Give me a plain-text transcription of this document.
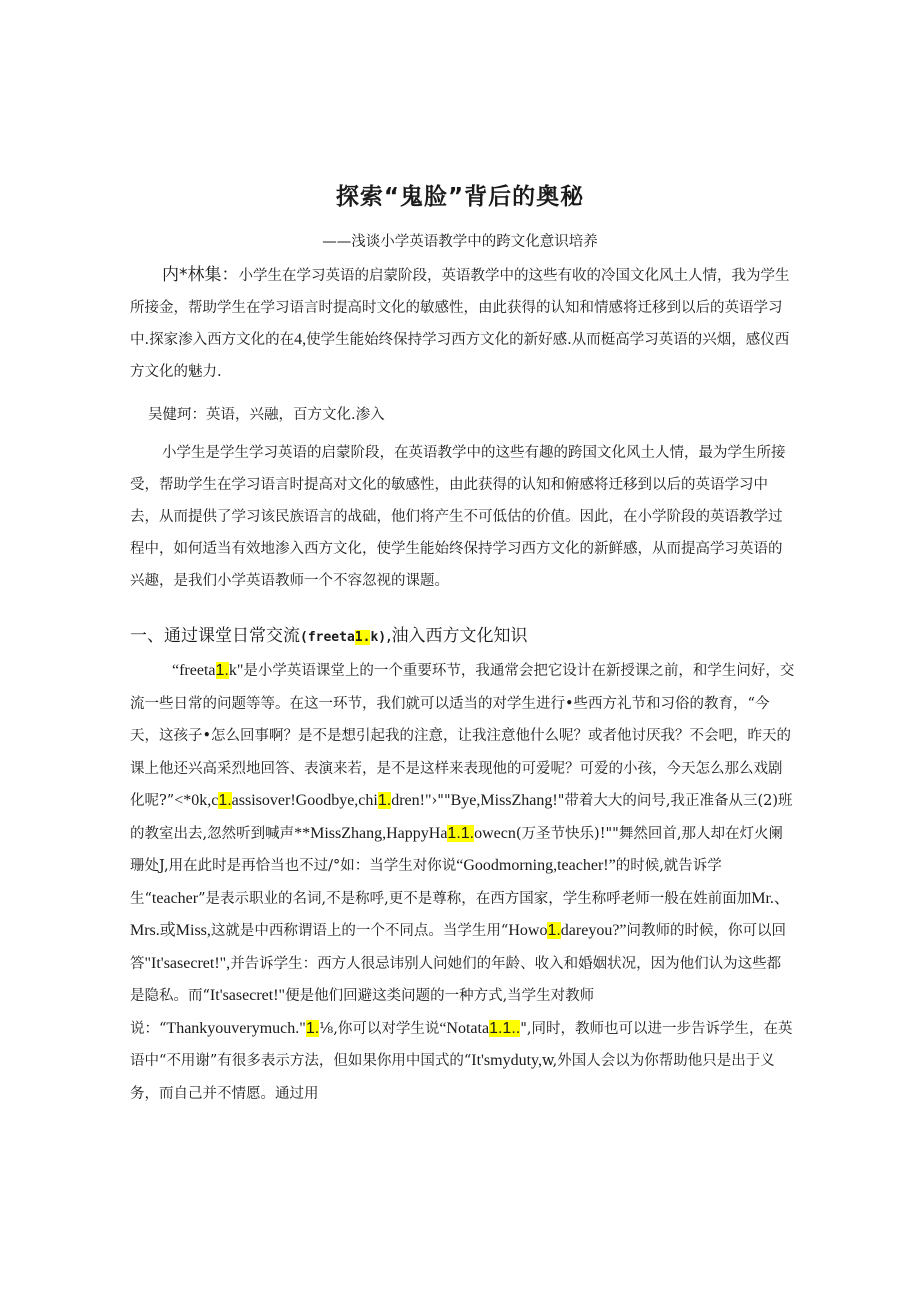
探索“鬼脸”背后的奥秘

——浅谈小学英语教学中的跨文化意识培养

内*林集：小学生在学习英语的启蒙阶段，英语教学中的这些有收的冷国文化风土人情，我为学生所接金，帮助学生在学习语言时提高时文化的敏感性，由此获得的认知和情感将迁移到以后的英语学习中.探家渗入西方文化的在4,使学生能始终保持学习西方文化的新好感.从而梃高学习英语的兴烟，感仪西方文化的魅力.

吴健珂：英语，兴融，百方文化.渗入

小学生是学生学习英语的启蒙阶段，在英语教学中的这些有趣的跨国文化风土人情，最为学生所接受，帮助学生在学习语言时提高对文化的敏感性，由此获得的认知和俯感将迁移到以后的英语学习中去，从而提供了学习该民族语言的战础，他们将产生不可低估的价值。因此，在小学阶段的英语教学过程中，如何适当有效地渗入西方文化，使学生能始终保持学习西方文化的新鲜感，从而提高学习英语的兴趣，是我们小学英语教师一个不容忽视的课题。

一、通过课堂日常交流(freeta1.k),油入西方文化知识

“freeta1.k"是小学英语课堂上的一个重要环节，我通常会把它设计在新授课之前，和学生问好，交流一些日常的问题等等。在这一环节，我们就可以适当的对学生进行•些西方礼节和习俗的教育，“今天，这孩子•怎么回事啊？是不是想引起我的注意，让我注意他什么呢？或者他讨厌我？不会吧，昨天的课上他还兴高采烈地回答、表演来若，是不是这样来表现他的可爱呢？可爱的小孩，今天怎么那么戏剧化呢?”<*0k,c1.assisover!Goodbye,chi1.dren!"›""Bye,MissZhang!"带着大大的问号,我正准备从三(2)班的教室出去,忽然听到喊声**MissZhang,HappyHa1.1.owecn(万圣节快乐)!""舞然回首,那人却在灯火阑珊处J,用在此时是再恰当也不过/°如：当学生对你说“Goodmorning,teacher!”的时候,就告诉学生“teacher”是表示职业的名词,不是称呼,更不是尊称，在西方国家，学生称呼老师一般在姓前面加Mr.、Mrs.或Miss,这就是中西称谓语上的一个不同点。当学生用“Howo1.dareyou?”问教师的时候，你可以回答"It'sasecret!",并告诉学生：西方人很忌讳别人问她们的年龄、收入和婚姻状况，因为他们认为这些都是隐私。而“It'sasecret!"便是他们回避这类问题的一种方式,当学生对教师说：“Thankyouverymuch."1.⅛,你可以对学生说“Notata1.1..",同时，教师也可以进一步告诉学生，在英语中“不用谢”有很多表示方法，但如果你用中国式的“It'smyduty,w,外国人会以为你帮助他只是出于义务，而自己并不情愿。通过用
